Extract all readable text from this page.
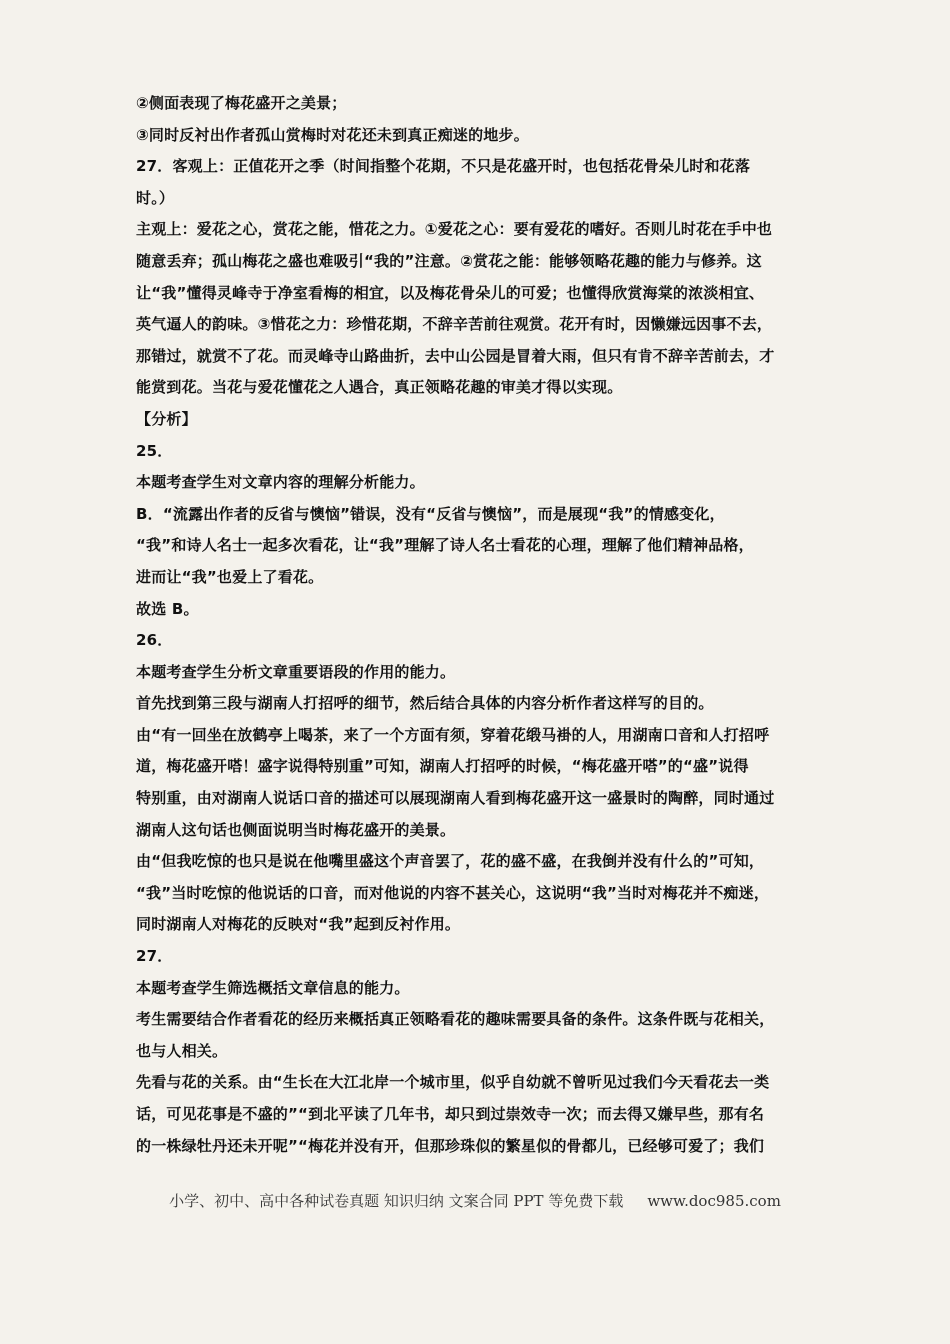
②侧面表现了梅花盛开之美景；
③同时反衬出作者孤山赏梅时对花还未到真正痴迷的地步。
27．客观上：正值花开之季（时间指整个花期，不只是花盛开时，也包括花骨朵儿时和花落
时。）
主观上：爱花之心，赏花之能，惜花之力。①爱花之心：要有爱花的嗜好。否则儿时花在手中也
随意丢弃；孤山梅花之盛也难吸引“我的”注意。②赏花之能：能够领略花趣的能力与修养。这
让“我”懂得灵峰寺于净室看梅的相宜，以及梅花骨朵儿的可爱；也懂得欣赏海棠的浓淡相宜、
英气逼人的韵味。③惜花之力：珍惜花期，不辞辛苦前往观赏。花开有时，因懒嫌远因事不去，
那错过，就赏不了花。而灵峰寺山路曲折，去中山公园是冒着大雨，但只有肯不辞辛苦前去，才
能赏到花。当花与爱花懂花之人遇合，真正领略花趣的审美才得以实现。
【分析】
25．
本题考查学生对文章内容的理解分析能力。
B．“流露出作者的反省与懊恼”错误，没有“反省与懊恼”，而是展现“我”的情感变化，
“我”和诗人名士一起多次看花，让“我”理解了诗人名士看花的心理，理解了他们精神品格，
进而让“我”也爱上了看花。
故选 B。
26．
本题考查学生分析文章重要语段的作用的能力。
首先找到第三段与湖南人打招呼的细节，然后结合具体的内容分析作者这样写的目的。
由“有一回坐在放鹤亭上喝茶，来了一个方面有须，穿着花缎马褂的人，用湖南口音和人打招呼
道，梅花盛开嗒！盛字说得特别重”可知，湖南人打招呼的时候，“梅花盛开嗒”的“盛”说得
特别重，由对湖南人说话口音的描述可以展现湖南人看到梅花盛开这一盛景时的陶醉，同时通过
湖南人这句话也侧面说明当时梅花盛开的美景。
由“但我吃惊的也只是说在他嘴里盛这个声音罢了，花的盛不盛，在我倒并没有什么的”可知，
“我”当时吃惊的他说话的口音，而对他说的内容不甚关心，这说明“我”当时对梅花并不痴迷，
同时湖南人对梅花的反映对“我”起到反衬作用。
27．
本题考查学生筛选概括文章信息的能力。
考生需要结合作者看花的经历来概括真正领略看花的趣味需要具备的条件。这条件既与花相关，
也与人相关。
先看与花的关系。由“生长在大江北岸一个城市里，似乎自幼就不曾听见过我们今天看花去一类
话，可见花事是不盛的”“到北平读了几年书，却只到过崇效寺一次；而去得又嫌早些，那有名
的一株绿牡丹还未开呢”“梅花并没有开，但那珍珠似的繁星似的骨都儿，已经够可爱了；我们
小学、初中、高中各种试卷真题 知识归纳 文案合同 PPT 等免费下载 www.doc985.com
